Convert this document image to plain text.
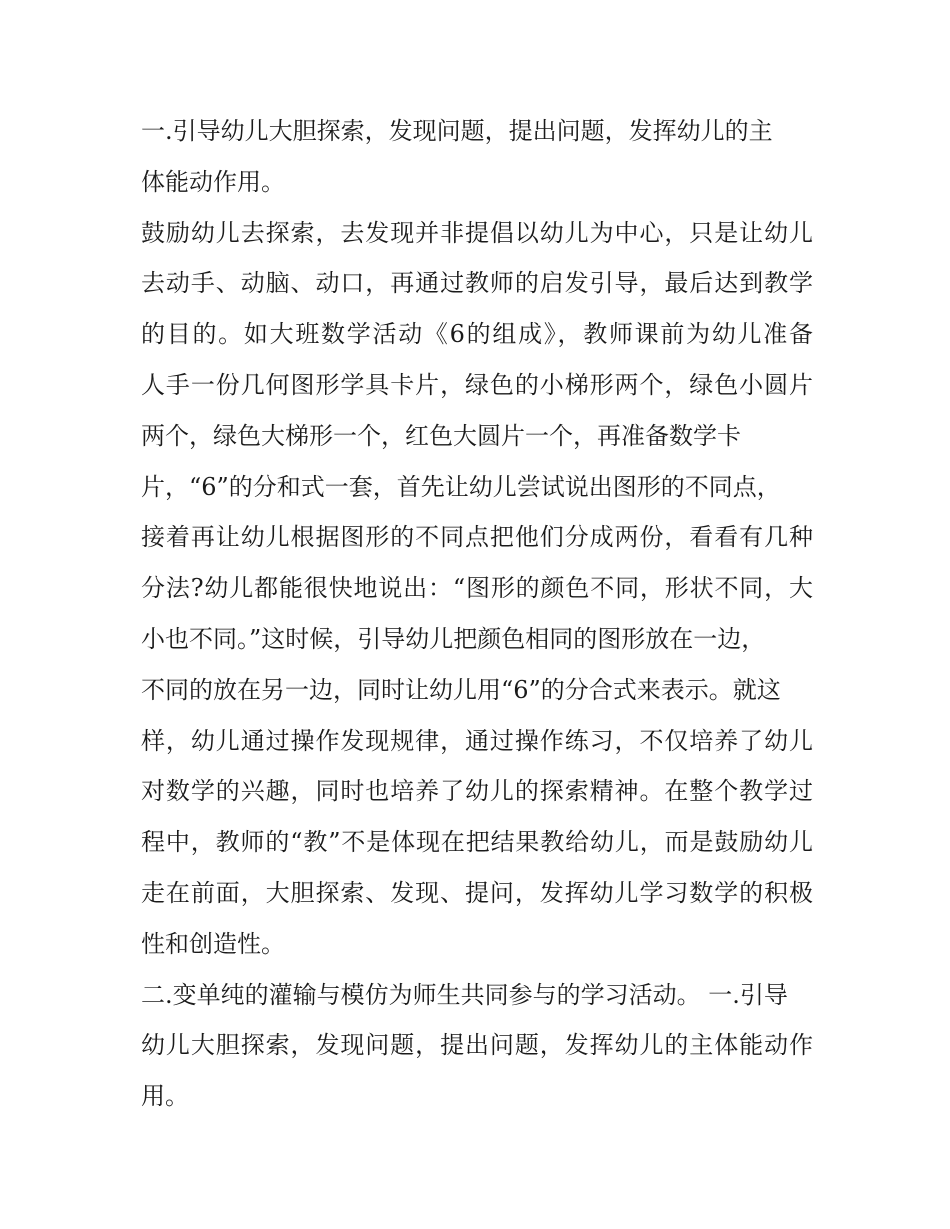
一.引导幼儿大胆探索，发现问题，提出问题，发挥幼儿的主
体能动作用。
鼓励幼儿去探索，去发现并非提倡以幼儿为中心，只是让幼儿
去动手、动脑、动口，再通过教师的启发引导，最后达到教学
的目的。如大班数学活动《6的组成》，教师课前为幼儿准备
人手一份几何图形学具卡片，绿色的小梯形两个，绿色小圆片
两个，绿色大梯形一个，红色大圆片一个，再准备数学卡
片，“6”的分和式一套，首先让幼儿尝试说出图形的不同点，
接着再让幼儿根据图形的不同点把他们分成两份，看看有几种
分法?幼儿都能很快地说出：“图形的颜色不同，形状不同，大
小也不同。”这时候，引导幼儿把颜色相同的图形放在一边，
不同的放在另一边，同时让幼儿用“6”的分合式来表示。就这
样，幼儿通过操作发现规律，通过操作练习，不仅培养了幼儿
对数学的兴趣，同时也培养了幼儿的探索精神。在整个教学过
程中，教师的“教”不是体现在把结果教给幼儿，而是鼓励幼儿
走在前面，大胆探索、发现、提问，发挥幼儿学习数学的积极
性和创造性。
二.变单纯的灌输与模仿为师生共同参与的学习活动。 一.引导
幼儿大胆探索，发现问题，提出问题，发挥幼儿的主体能动作
用。
